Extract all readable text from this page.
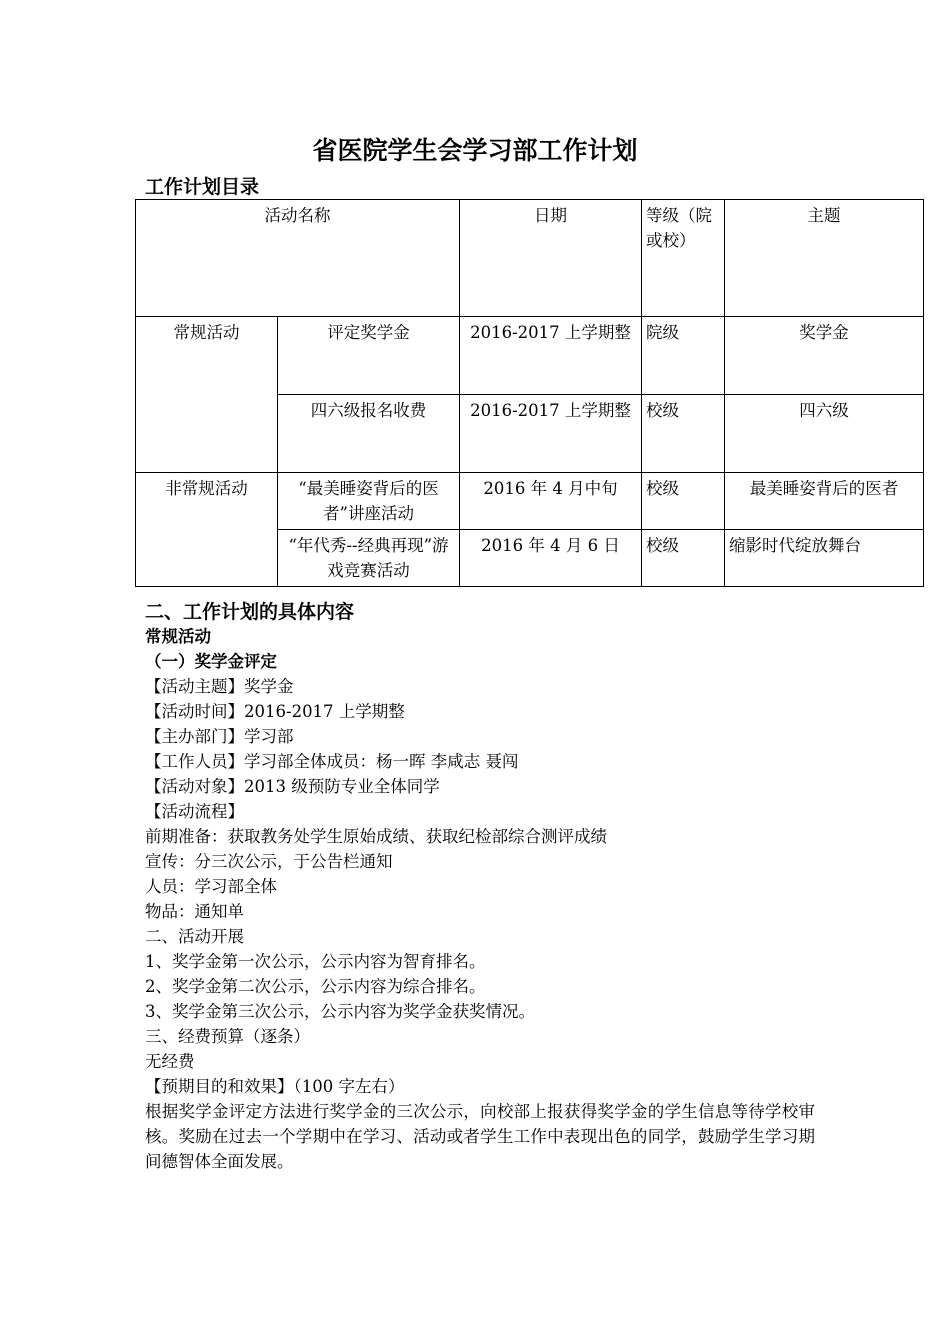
省医院学生会学习部工作计划
工作计划目录
活动名称		日期	等级（院或校）	主题
常规活动	评定奖学金	2016-2017 上学期整	院级	奖学金
	四六级报名收费	2016-2017 上学期整	校级	四六级
非常规活动	“最美睡姿背后的医者”讲座活动	2016 年 4 月中旬	校级	最美睡姿背后的医者
	“年代秀--经典再现”游戏竞赛活动	2016 年 4 月 6 日	校级	缩影时代绽放舞台
二、工作计划的具体内容
常规活动
（一）奖学金评定
【活动主题】奖学金
【活动时间】2016-2017 上学期整
【主办部门】学习部
【工作人员】学习部全体成员：杨一晖 李咸志 聂闯
【活动对象】2013 级预防专业全体同学
【活动流程】
前期准备：获取教务处学生原始成绩、获取纪检部综合测评成绩
宣传：分三次公示，于公告栏通知
人员：学习部全体
物品：通知单
二、活动开展
1、奖学金第一次公示，公示内容为智育排名。
2、奖学金第二次公示，公示内容为综合排名。
3、奖学金第三次公示，公示内容为奖学金获奖情况。
三、经费预算（逐条）
无经费
【预期目的和效果】（100 字左右）
根据奖学金评定方法进行奖学金的三次公示，向校部上报获得奖学金的学生信息等待学校审核。奖励在过去一个学期中在学习、活动或者学生工作中表现出色的同学，鼓励学生学习期间德智体全面发展。
